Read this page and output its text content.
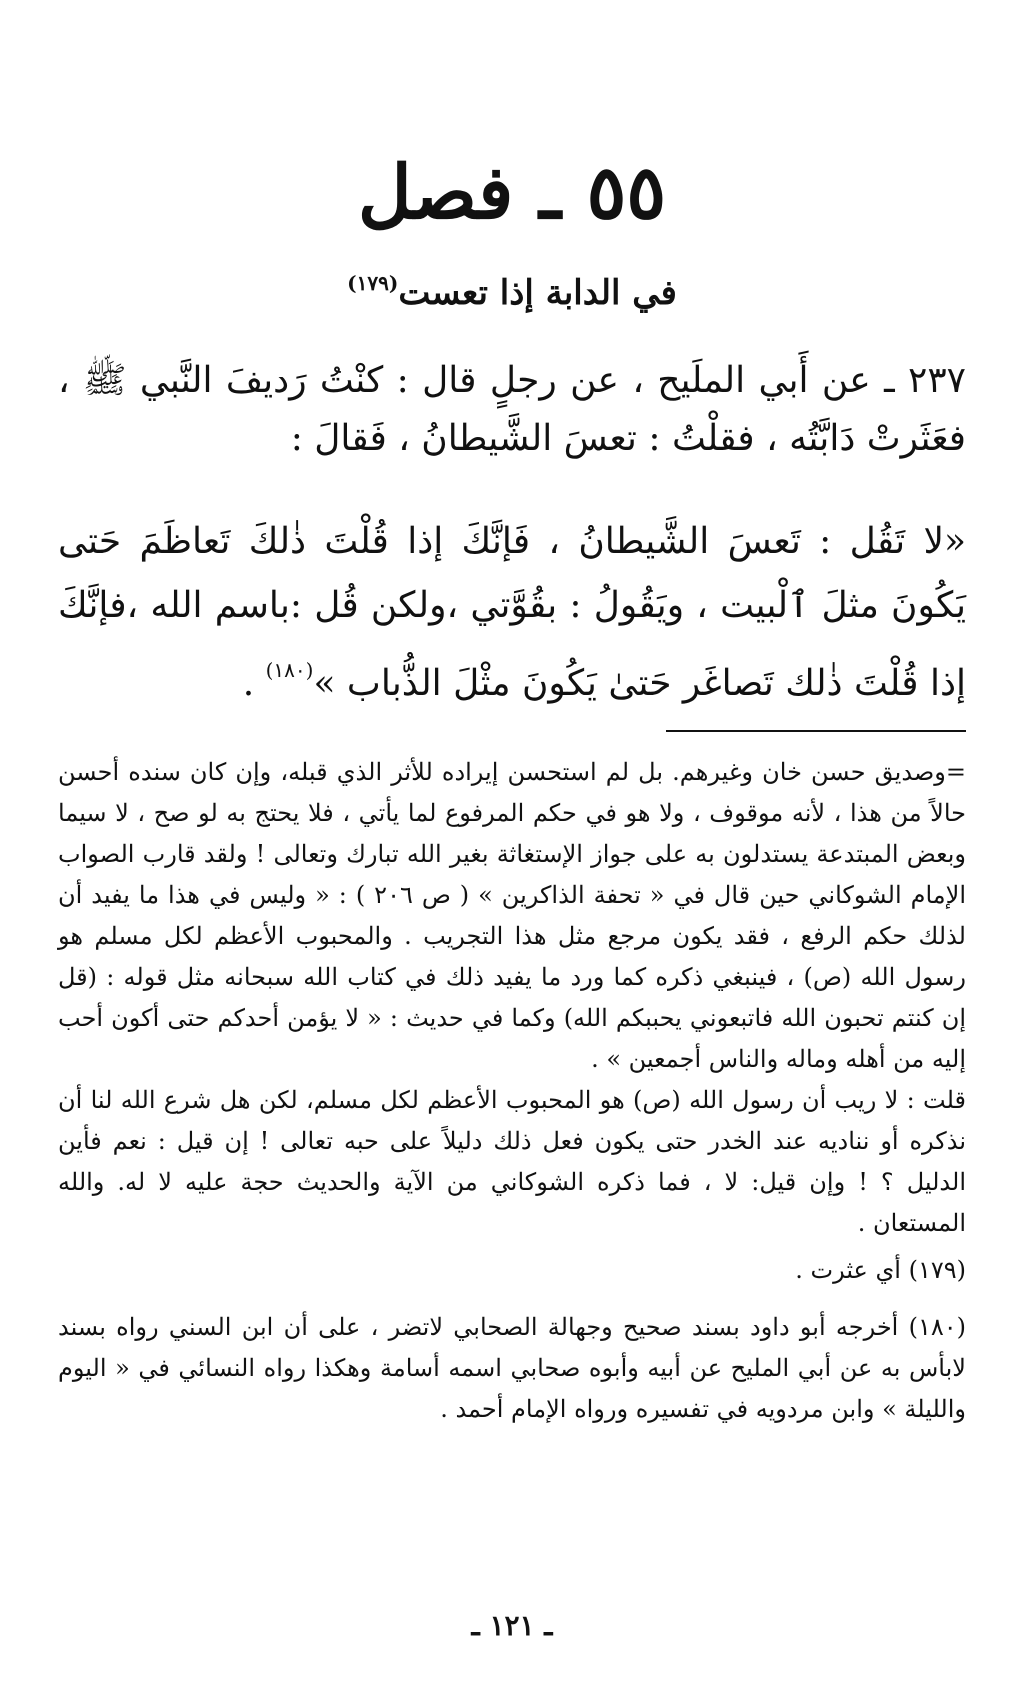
٥٥ ـ فصل
في الدابة إذا تعست$^{(١٧٩)}$
٢٣٧ ـ عن أَبي الملَيح ، عن رجلٍ قال : كنْتُ رَديفَ النَّبي ﷺ ، فعَثَرتْ دَابَّتُه ، فقلْتُ : تعسَ الشَّيطانُ ، فَقالَ :
«لا تَقُل : تَعسَ الشَّيطانُ ، فَإنَّكَ إذا قُلْتَ ذٰلكَ تَعاظَمَ حَتى يَكُونَ مثلَ ٱلْبيت ، ويَقُولُ : بقُوَّتي ،ولكن قُل :باسم الله ،فإنَّكَ إذا قُلْتَ ذٰلك تَصاغَر حَتىٰ يَكُونَ مثْلَ الذُّباب »$^{(١٨٠)}$ .

=وصديق حسن خان وغيرهم. بل لم استحسن إيراده للأثر الذي قبله، وإن كان سنده أحسن حالاً من هذا ، لأنه موقوف ، ولا هو في حكم المرفوع لما يأتي ، فلا يحتج به لو صح ، لا سيما وبعض المبتدعة يستدلون به على جواز الإستغاثة بغير الله تبارك وتعالى ! ولقد قارب الصواب الإمام الشوكاني حين قال في « تحفة الذاكرين » ( ص ٢٠٦ ) : « وليس في هذا ما يفيد أن لذلك حكم الرفع ، فقد يكون مرجع مثل هذا التجريب . والمحبوب الأعظم لكل مسلم هو رسول الله (ص) ، فينبغي ذكره كما ورد ما يفيد ذلك في كتاب الله سبحانه مثل قوله : (قل إن كنتم تحبون الله فاتبعوني يحببكم الله) وكما في حديث : « لا يؤمن أحدكم حتى أكون أحب إليه من أهله وماله والناس أجمعين » .

قلت : لا ريب أن رسول الله (ص) هو المحبوب الأعظم لكل مسلم، لكن هل شرع الله لنا أن نذكره أو نناديه عند الخدر حتى يكون فعل ذلك دليلاً على حبه تعالى ! إن قيل : نعم فأين الدليل ؟ ! وإن قيل: لا ، فما ذكره الشوكاني من الآية والحديث حجة عليه لا له. والله المستعان .

(١٧٩) أي عثرت .

(١٨٠) أخرجه أبو داود بسند صحيح وجهالة الصحابي لاتضر ، على أن ابن السني رواه بسند لابأس به عن أبي المليح عن أبيه وأبوه صحابي اسمه أسامة وهكذا رواه النسائي في « اليوم والليلة » وابن مردويه في تفسيره ورواه الإمام أحمد .

ـ ١٢١ ـ
